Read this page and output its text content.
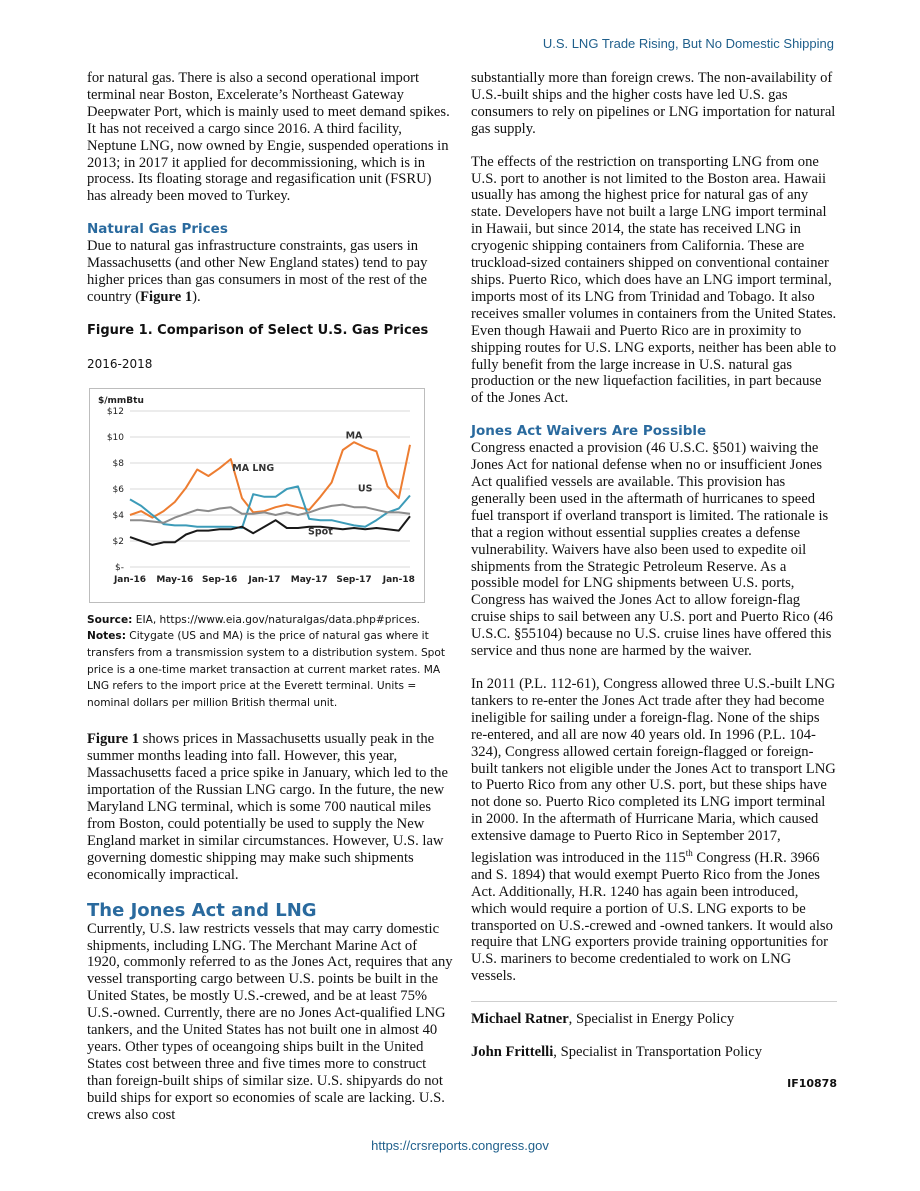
U.S. LNG Trade Rising, But No Domestic Shipping

for natural gas. There is also a second operational import terminal near Boston, Excelerate’s Northeast Gateway Deepwater Port, which is mainly used to meet demand spikes. It has not received a cargo since 2016. A third facility, Neptune LNG, now owned by Engie, suspended operations in 2013; in 2017 it applied for decommissioning, which is in process. Its floating storage and regasification unit (FSRU) has already been moved to Turkey.

Natural Gas Prices

Due to natural gas infrastructure constraints, gas users in Massachusetts (and other New England states) tend to pay higher prices than gas consumers in most of the rest of the country (Figure 1).

Figure 1. Comparison of Select U.S. Gas Prices

2016-2018

$-
$2
$4
$6
$8
$10
$12
Jan-16 May-16 Sep-16 Jan-17 May-17 Sep-17 Jan-18
MA
MA LNG
US
Spot
$/mmBtu
Source: EIA, https://www.eia.gov/naturalgas/data.php#prices.
Notes: Citygate (US and MA) is the price of natural gas where it transfers from a transmission system to a distribution system. Spot price is a one-time market transaction at current market rates. MA LNG refers to the import price at the Everett terminal. Units = nominal dollars per million British thermal unit.

Figure 1 shows prices in Massachusetts usually peak in the summer months leading into fall. However, this year, Massachusetts faced a price spike in January, which led to the importation of the Russian LNG cargo. In the future, the new Maryland LNG terminal, which is some 700 nautical miles from Boston, could potentially be used to supply the New England market in similar circumstances. However, U.S. law governing domestic shipping may make such shipments economically impractical.

The Jones Act and LNG

Currently, U.S. law restricts vessels that may carry domestic shipments, including LNG. The Merchant Marine Act of 1920, commonly referred to as the Jones Act, requires that any vessel transporting cargo between U.S. points be built in the United States, be mostly U.S.-crewed, and be at least 75% U.S.-owned. Currently, there are no Jones Act-qualified LNG tankers, and the United States has not built one in almost 40 years. Other types of oceangoing ships built in the United States cost between three and five times more to construct than foreign-built ships of similar size. U.S. shipyards do not build ships for export so economies of scale are lacking. U.S. crews also cost

substantially more than foreign crews. The non-availability of U.S.-built ships and the higher costs have led U.S. gas consumers to rely on pipelines or LNG importation for natural gas supply.

The effects of the restriction on transporting LNG from one U.S. port to another is not limited to the Boston area. Hawaii usually has among the highest price for natural gas of any state. Developers have not built a large LNG import terminal in Hawaii, but since 2014, the state has received LNG in cryogenic shipping containers from California. These are truckload-sized containers shipped on conventional container ships. Puerto Rico, which does have an LNG import terminal, imports most of its LNG from Trinidad and Tobago. It also receives smaller volumes in containers from the United States. Even though Hawaii and Puerto Rico are in proximity to shipping routes for U.S. LNG exports, neither has been able to fully benefit from the large increase in U.S. natural gas production or the new liquefaction facilities, in part because of the Jones Act.

Jones Act Waivers Are Possible

Congress enacted a provision (46 U.S.C. §501) waiving the Jones Act for national defense when no or insufficient Jones Act qualified vessels are available. This provision has generally been used in the aftermath of hurricanes to speed fuel transport if overland transport is limited. The rationale is that a region without essential supplies creates a defense vulnerability. Waivers have also been used to expedite oil shipments from the Strategic Petroleum Reserve. As a possible model for LNG shipments between U.S. ports, Congress has waived the Jones Act to allow foreign-flag cruise ships to sail between any U.S. port and Puerto Rico (46 U.S.C. §55104) because no U.S. cruise lines have offered this service and thus none are harmed by the waiver.

In 2011 (P.L. 112-61), Congress allowed three U.S.-built LNG tankers to re-enter the Jones Act trade after they had become ineligible for sailing under a foreign-flag. None of the ships re-entered, and all are now 40 years old. In 1996 (P.L. 104-324), Congress allowed certain foreign-flagged or foreign-built tankers not eligible under the Jones Act to transport LNG to Puerto Rico from any other U.S. port, but these ships have not done so. Puerto Rico completed its LNG import terminal in 2000. In the aftermath of Hurricane Maria, which caused extensive damage to Puerto Rico in September 2017, legislation was introduced in the 115th Congress (H.R. 3966 and S. 1894) that would exempt Puerto Rico from the Jones Act. Additionally, H.R. 1240 has again been introduced, which would require a portion of U.S. LNG exports to be transported on U.S.-crewed and -owned tankers. It would also require that LNG exporters provide training opportunities for U.S. mariners to become credentialed to work on LNG vessels.

Michael Ratner, Specialist in Energy Policy

John Frittelli, Specialist in Transportation Policy

IF10878
https://crsreports.congress.gov
